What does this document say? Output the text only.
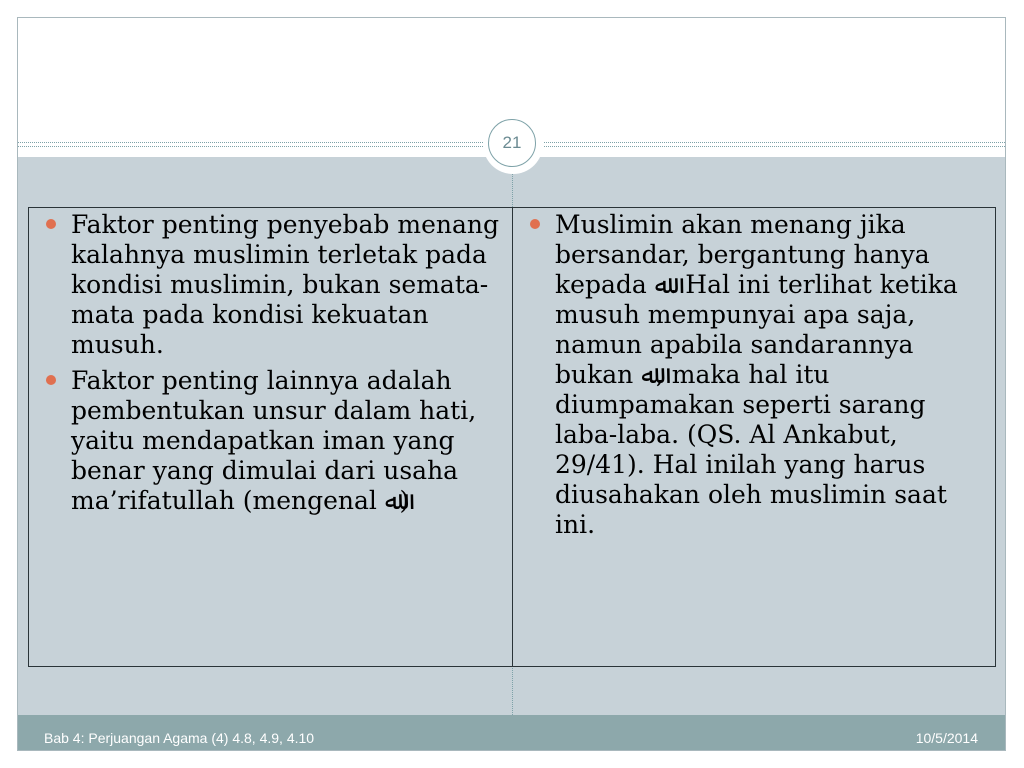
21
Faktor penting penyebab menang kalahnya muslimin terletak pada kondisi muslimin, bukan semata-mata pada kondisi kekuatan musuh.
Faktor penting lainnya adalah pembentukan unsur dalam hati, yaitu mendapatkan iman yang benar yang dimulai dari usaha ma’rifatullah (mengenal ﷲ)
Muslimin akan menang jika bersandar, bergantung hanya kepada ﷲ. Hal ini terlihat ketika musuh mempunyai apa saja, namun apabila sandarannya bukan ﷲ, maka hal itu diumpamakan seperti sarang laba-laba. (QS. Al Ankabut, 29/41). Hal inilah yang harus diusahakan oleh muslimin saat ini.
Bab 4: Perjuangan Agama (4) 4.8, 4.9, 4.10	10/5/2014
